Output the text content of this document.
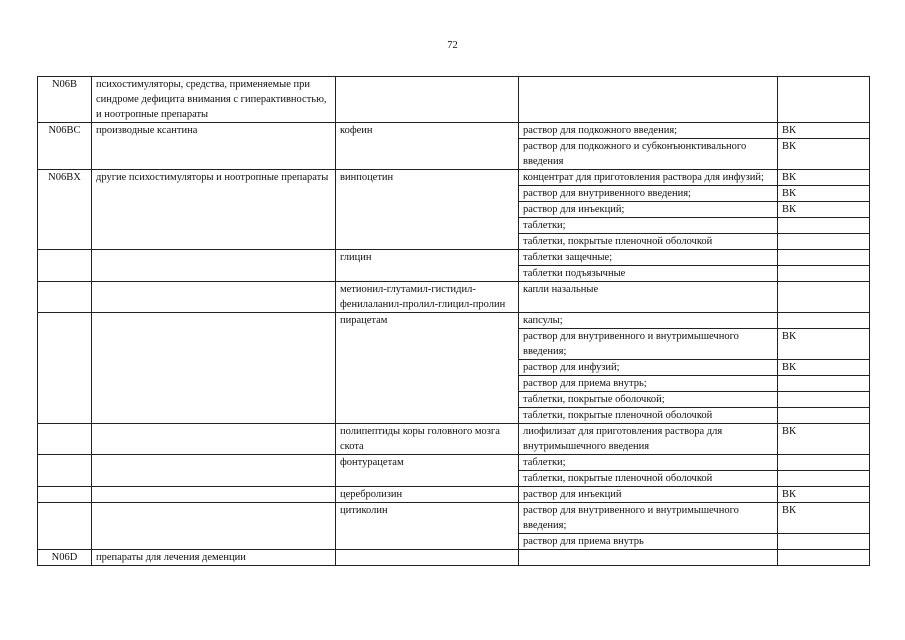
72
N06B	психостимуляторы, средства, применяемые при синдроме дефицита внимания с гиперактивностью, и ноотропные препараты			
N06BC	производные ксантина	кофеин	раствор для подкожного введения;	ВК
			раствор для подкожного и субконъюнктивального введения	ВК
N06BX	другие психостимуляторы и ноотропные препараты	винпоцетин	концентрат для приготовления раствора для инфузий;	ВК
			раствор для внутривенного введения;	ВК
			раствор для инъекций;	ВК
			таблетки;	
			таблетки, покрытые пленочной оболочкой	
		глицин	таблетки защечные;	
			таблетки подъязычные	
		метионил-глутамил-гистидил-фенилаланил-пролил-глицил-пролин	капли назальные	
		пирацетам	капсулы;	
			раствор для внутривенного и внутримышечного введения;	ВК
			раствор для инфузий;	ВК
			раствор для приема внутрь;	
			таблетки, покрытые оболочкой;	
			таблетки, покрытые пленочной оболочкой	
		полипептиды коры головного мозга скота	лиофилизат для приготовления раствора для внутримышечного введения	ВК
		фонтурацетам	таблетки;	
			таблетки, покрытые пленочной оболочкой	
		церебролизин	раствор для инъекций	ВК
		цитиколин	раствор для внутривенного и внутримышечного введения;	ВК
			раствор для приема внутрь	
N06D	препараты для лечения деменции			
